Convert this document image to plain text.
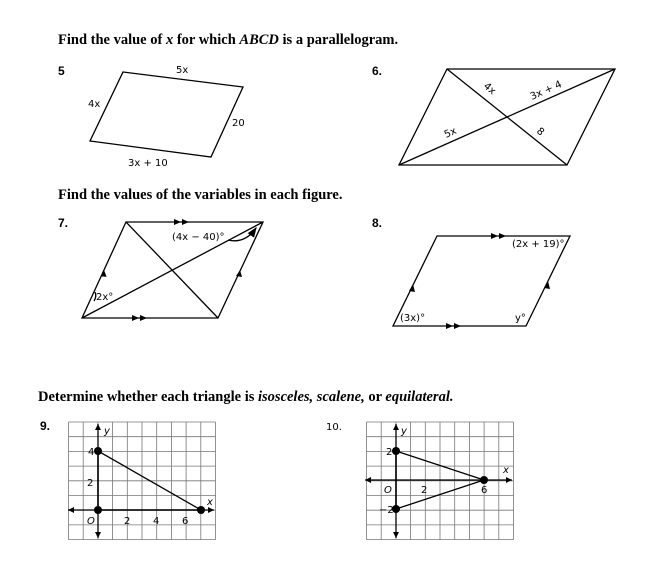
Find the value of x for which ABCD is a parallelogram.
5	5x
4x
20
3x + 10
6.
4x	3x + 4
5x	8
Find the values of the variables in each figure.
7.
(4x − 40)°
2x°
8.
(2x + 19)°
(3x)°	y°
Determine whether each triangle is isosceles, scalene, or equilateral.
9.	y
x
O	2 4 6
2
4
10.	y
x
O	2	6
2
−2
